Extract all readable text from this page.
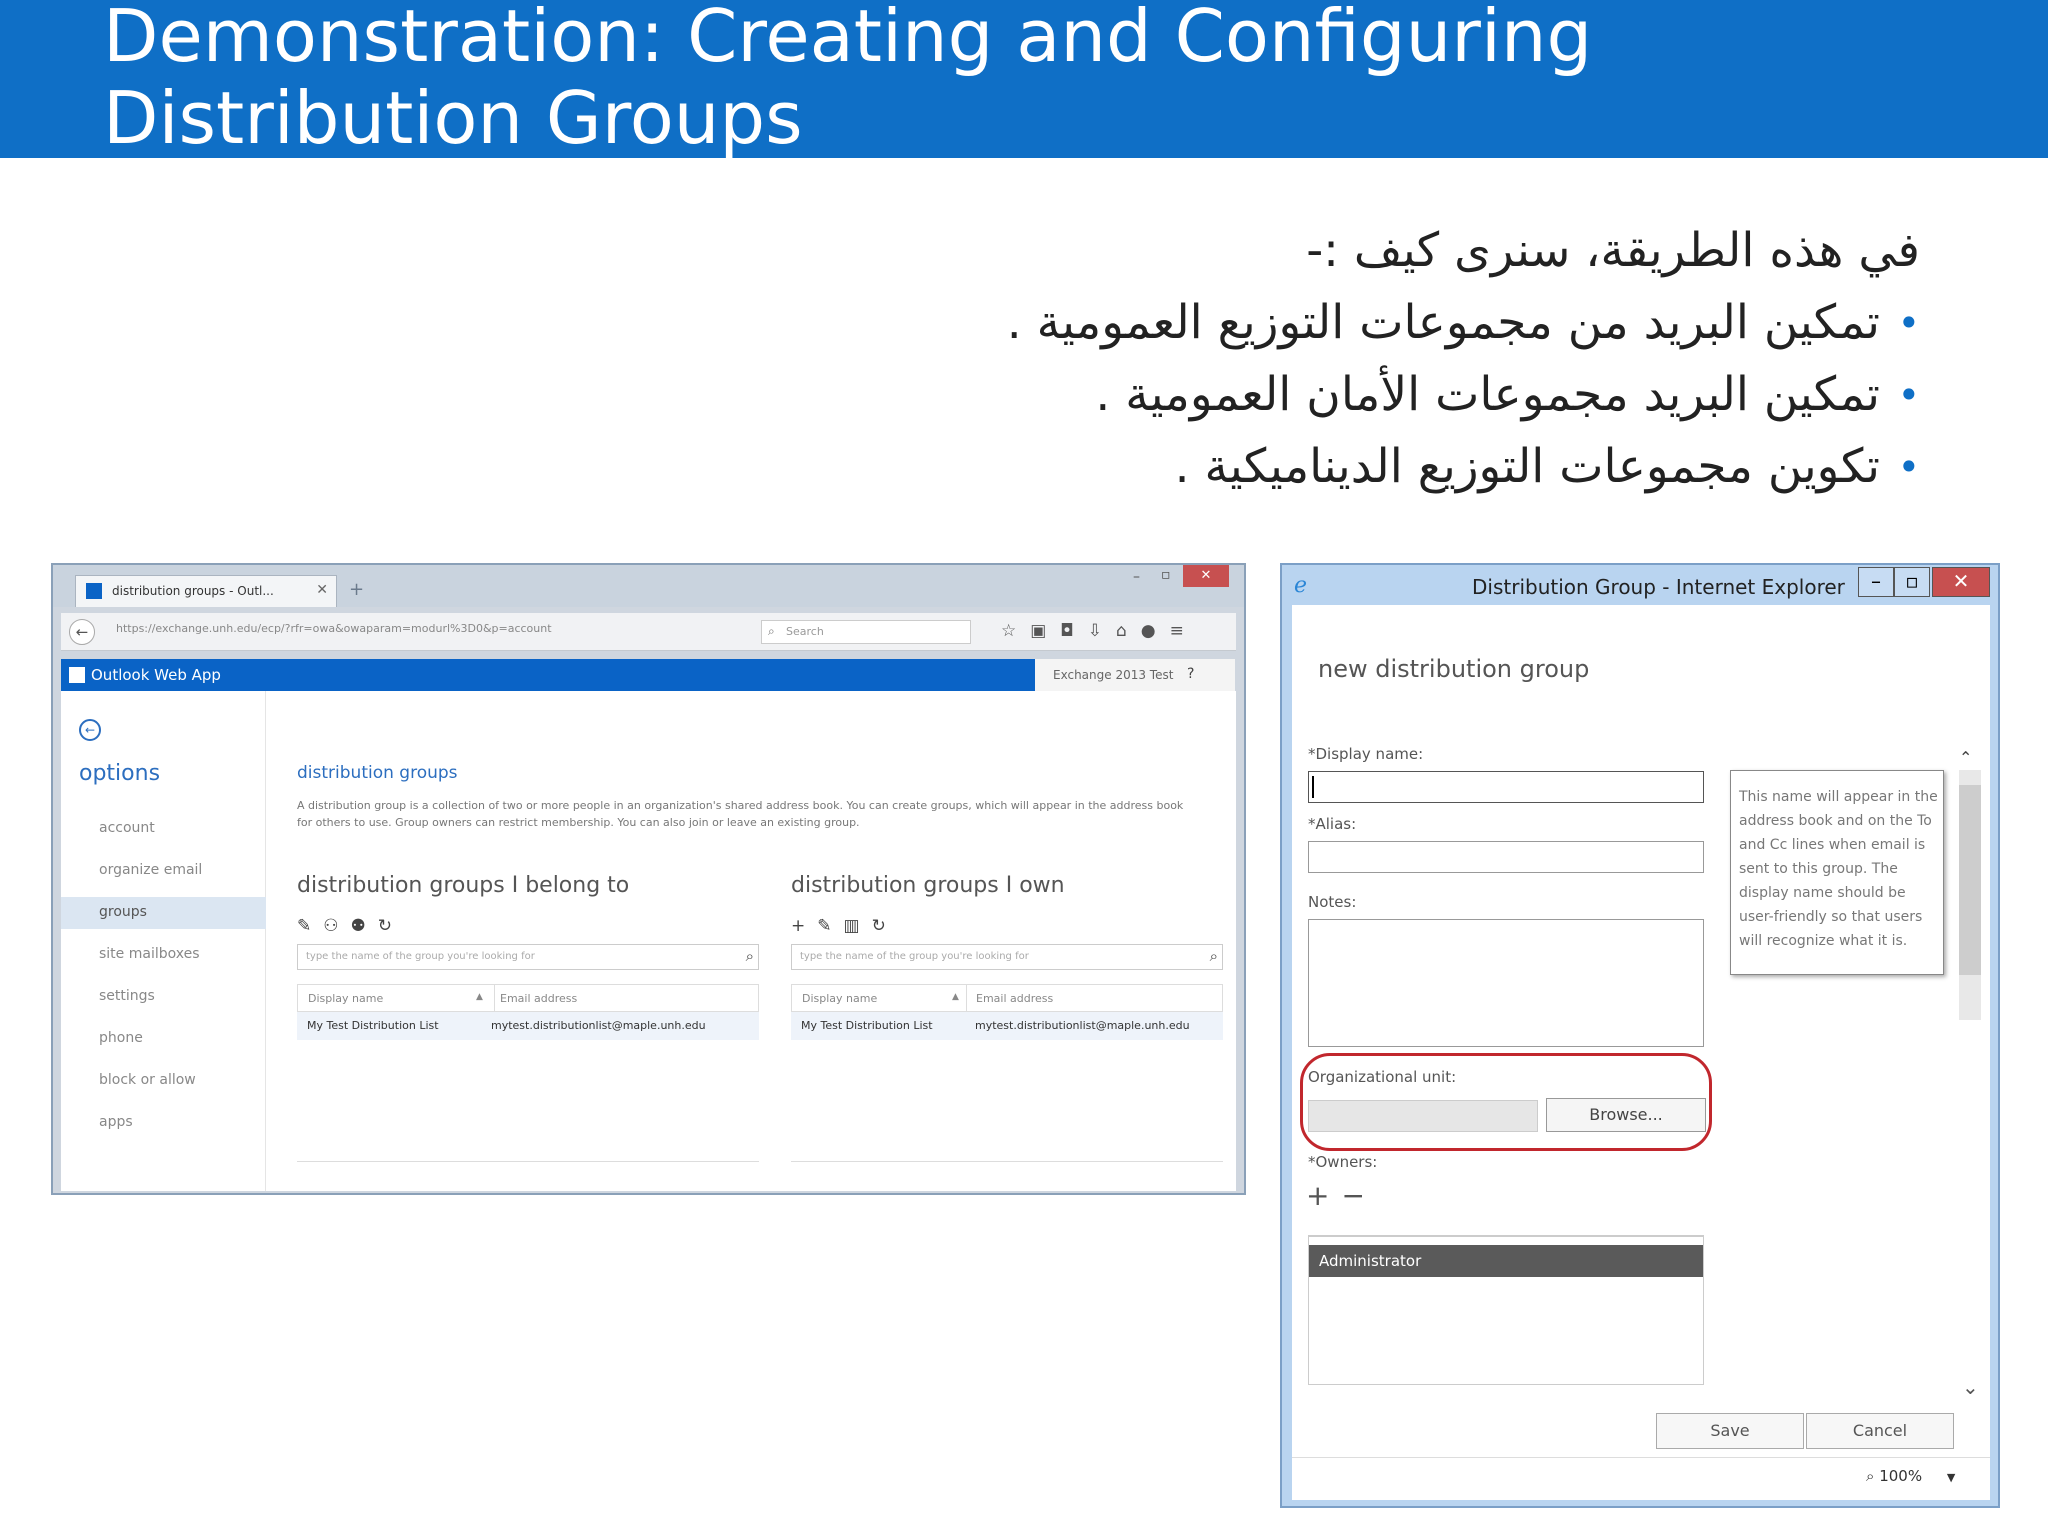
Demonstration: Creating and Configuring
Distribution Groups
في هذه الطريقة، سنرى كيف :-
• تمكين البريد من مجموعات التوزيع العمومية .
• تمكين البريد مجموعات الأمان العمومية .
• تكوين مجموعات التوزيع الديناميكية .
distribution groups - Outl...	✕ +
– ▫	✕
←	https://exchange.unh.edu/ecp/?rfr=owa&owaparam=modurl%3D0&p=account	⌕ Search	☆▣◘⇩⌂●≡
Outlook Web App	Exchange 2013 Test ?
←
options
account
organize email
groups
site mailboxes
settings
phone
block or allow
apps
distribution groups
A distribution group is a collection of two or more people in an organization's shared address book. You can create groups, which will appear in the address book for others to use. Group owners can restrict membership. You can also join or leave an existing group.
distribution groups I belong to
✎⚇⚉↻
type the name of the group you're looking for	⌕
Display name	▲ Email address
My Test Distribution List	mytest.distributionlist@maple.unh.edu
distribution groups I own
+✎▥↻
type the name of the group you're looking for	⌕
Display name	▲ Email address
My Test Distribution List	mytest.distributionlist@maple.unh.edu
ℯ	Distribution Group - Internet Explorer	–	▫	✕
new distribution group
*Display name:
*Alias:
Notes:
This name will appear in the address book and on the To and Cc lines when email is sent to this group. The display name should be user-friendly so that users will recognize what it is.
⌃
⌄
Organizational unit:
Browse...
*Owners:
+−
Administrator
Save	Cancel
⌕ 100% ▼
